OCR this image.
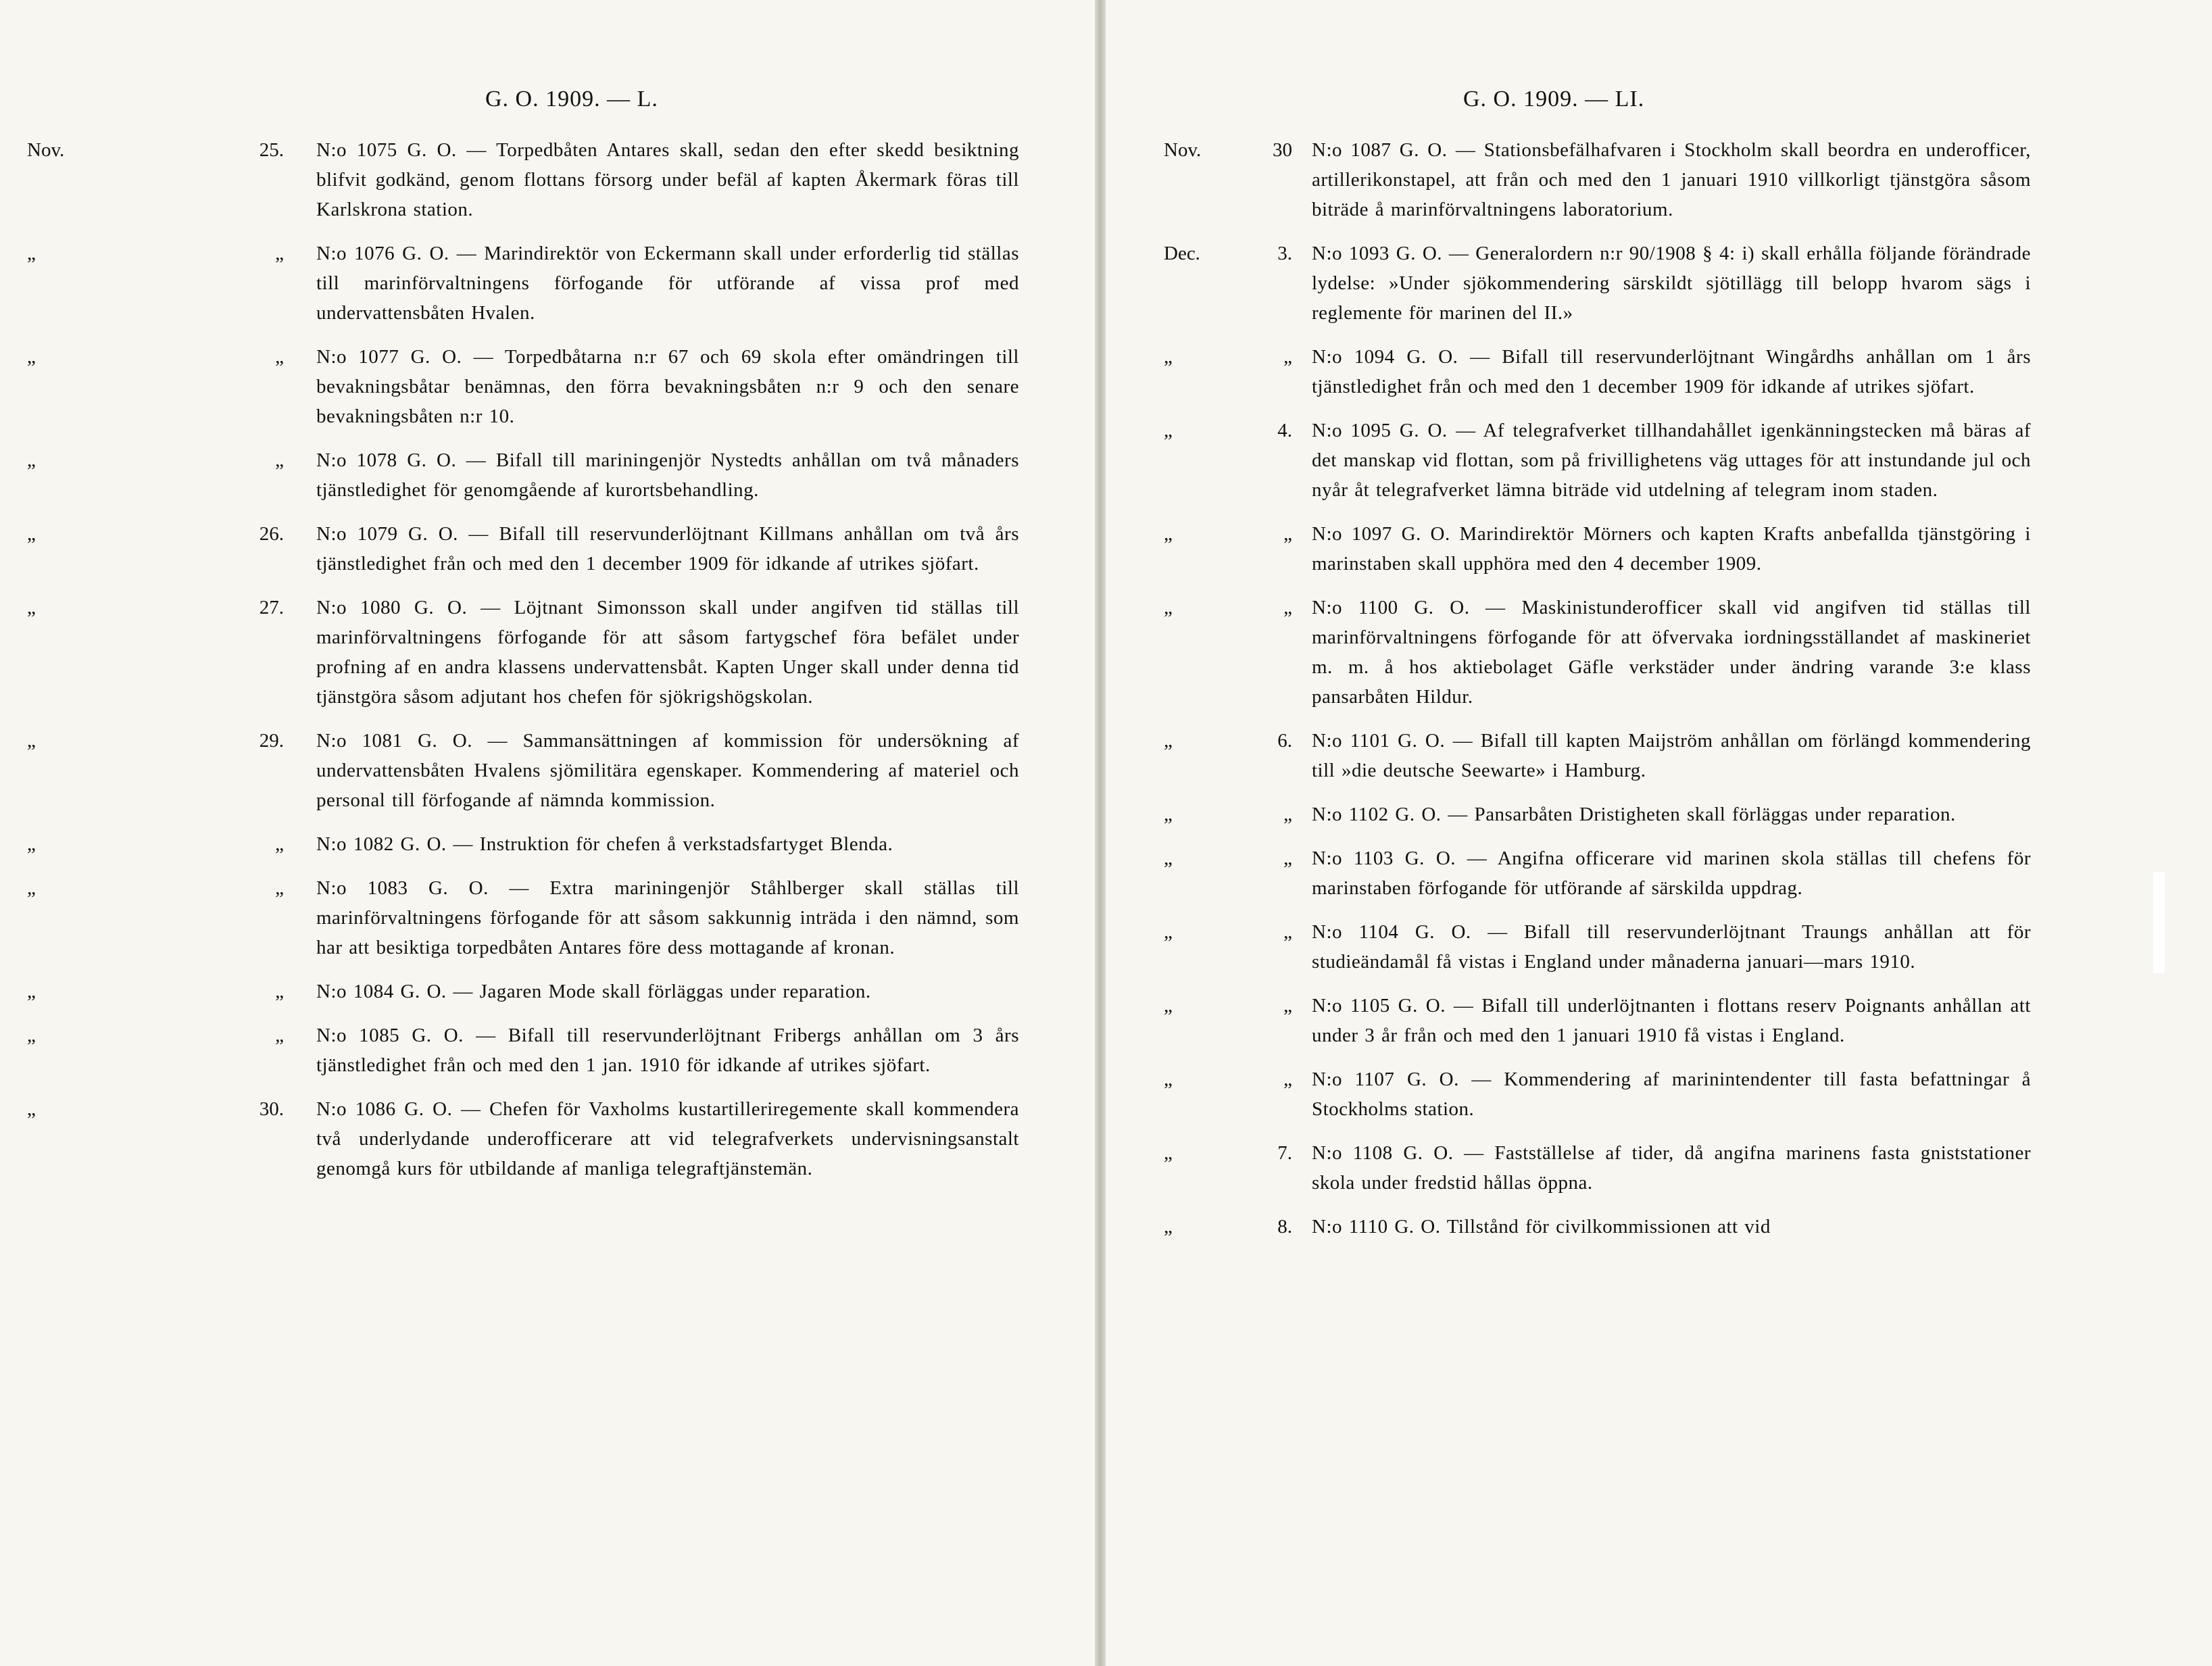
G. O. 1909. — L.
Nov.	25. N:o 1075 G. O. — Torpedbåten Antares skall, sedan den efter skedd besiktning blifvit godkänd, genom flottans försorg under befäl af kapten Åkermark föras till Karlskrona station.
„	„ N:o 1076 G. O. — Marindirektör von Eckermann skall under erforderlig tid ställas till marinförvaltningens förfogande för utförande af vissa prof med undervattensbåten Hvalen.
„	„ N:o 1077 G. O. — Torpedbåtarna n:r 67 och 69 skola efter omändringen till bevakningsbåtar benämnas, den förra bevakningsbåten n:r 9 och den senare bevakningsbåten n:r 10.
„	„ N:o 1078 G. O. — Bifall till mariningenjör Nystedts anhållan om två månaders tjänstledighet för genomgående af kurortsbehandling.
„	26. N:o 1079 G. O. — Bifall till reservunderlöjtnant Killmans anhållan om två års tjänstledighet från och med den 1 december 1909 för idkande af utrikes sjöfart.
„	27. N:o 1080 G. O. — Löjtnant Simonsson skall under angifven tid ställas till marinförvaltningens förfogande för att såsom fartygschef föra befälet under profning af en andra klassens undervattensbåt. Kapten Unger skall under denna tid tjänstgöra såsom adjutant hos chefen för sjökrigshögskolan.
„	29. N:o 1081 G. O. — Sammansättningen af kommission för undersökning af undervattensbåten Hvalens sjömilitära egenskaper. Kommendering af materiel och personal till förfogande af nämnda kommission.
„	„ N:o 1082 G. O. — Instruktion för chefen å verkstadsfartyget Blenda.
„	„ N:o 1083 G. O. — Extra mariningenjör Ståhlberger skall ställas till marinförvaltningens förfogande för att såsom sakkunnig inträda i den nämnd, som har att besiktiga torpedbåten Antares före dess mottagande af kronan.
„	„ N:o 1084 G. O. — Jagaren Mode skall förläggas under reparation.
„	„ N:o 1085 G. O. — Bifall till reservunderlöjtnant Fribergs anhållan om 3 års tjänstledighet från och med den 1 jan. 1910 för idkande af utrikes sjöfart.
„	30. N:o 1086 G. O. — Chefen för Vaxholms kustartilleriregemente skall kommendera två underlydande underofficerare att vid telegrafverkets undervisningsanstalt genomgå kurs för utbildande af manliga telegraftjänstemän.
G. O. 1909. — LI.
Nov.	30 N:o 1087 G. O. — Stationsbefälhafvaren i Stockholm skall beordra en underofficer, artillerikonstapel, att från och med den 1 januari 1910 villkorligt tjänstgöra såsom biträde å marinförvaltningens laboratorium.
Dec.	3. N:o 1093 G. O. — Generalordern n:r 90/1908 § 4: i) skall erhålla följande förändrade lydelse: »Under sjökommendering särskildt sjötillägg till belopp hvarom sägs i reglemente för marinen del II.»
„	„ N:o 1094 G. O. — Bifall till reservunderlöjtnant Wingårdhs anhållan om 1 års tjänstledighet från och med den 1 december 1909 för idkande af utrikes sjöfart.
„	4. N:o 1095 G. O. — Af telegrafverket tillhandahållet igenkänningstecken må bäras af det manskap vid flottan, som på frivillighetens väg uttages för att instundande jul och nyår åt telegrafverket lämna biträde vid utdelning af telegram inom staden.
„	„ N:o 1097 G. O. Marindirektör Mörners och kapten Krafts anbefallda tjänstgöring i marinstaben skall upphöra med den 4 december 1909.
„	„ N:o 1100 G. O. — Maskinistunderofficer skall vid angifven tid ställas till marinförvaltningens förfogande för att öfvervaka iordningsställandet af maskineriet m. m. å hos aktiebolaget Gäfle verkstäder under ändring varande 3:e klass pansarbåten Hildur.
„	6. N:o 1101 G. O. — Bifall till kapten Maijström anhållan om förlängd kommendering till »die deutsche Seewarte» i Hamburg.
„	„ N:o 1102 G. O. — Pansarbåten Dristigheten skall förläggas under reparation.
„	„ N:o 1103 G. O. — Angifna officerare vid marinen skola ställas till chefens för marinstaben förfogande för utförande af särskilda uppdrag.
„	„ N:o 1104 G. O. — Bifall till reservunderlöjtnant Traungs anhållan att för studieändamål få vistas i England under månaderna januari—mars 1910.
„	„ N:o 1105 G. O. — Bifall till underlöjtnanten i flottans reserv Poignants anhållan att under 3 år från och med den 1 januari 1910 få vistas i England.
„	„ N:o 1107 G. O. — Kommendering af marinintendenter till fasta befattningar å Stockholms station.
„	7. N:o 1108 G. O. — Fastställelse af tider, då angifna marinens fasta gniststationer skola under fredstid hållas öppna.
„	8. N:o 1110 G. O. Tillstånd för civilkommissionen att vid
